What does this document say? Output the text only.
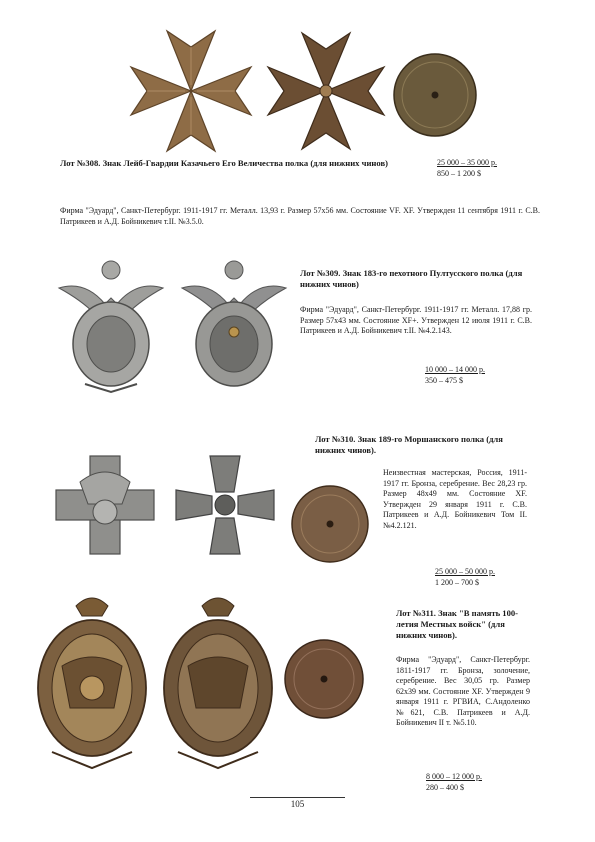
Лот №308. Знак Лейб-Гвардии Казачьего Его Величества полка (для нижних чинов)	25 000 – 35 000 р.
850 – 1 200 $
Фирма "Эдуард", Санкт-Петербург. 1911-1917 гг. Металл. 13,93 г. Размер 57х56 мм. Состояние VF. XF. Утвержден 11 сентября 1911 г. С.В. Патрикеев и А.Д. Бойникевич т.II. №3.5.0.
Лот №309. Знак 183-го пехотного Пултусского полка (для нижних чинов)
Фирма "Эдуард", Санкт-Петербург. 1911-1917 гг. Металл. 17,88 гр. Размер 57x43 мм. Состояние XF+. Утвержден 12 июля 1911 г. С.В. Патрикеев и А.Д. Бойникевич т.II. №4.2.143.
10 000 – 14 000 р.
350 – 475 $
Лот №310. Знак 189-го Моршанского полка (для нижних чинов).
Неизвестная мастерская, Россия, 1911-1917 гг. Бронза, серебрение. Вес 28,23 гр. Размер 48x49 мм. Состояние XF. Утвержден 29 января 1911 г. С.В. Патрикеев и А.Д. Бойникевич Том II. №4.2.121.
25 000 – 50 000 р.
1 200 – 700 $
Лот №311. Знак "В память 100-летия Местных войск" (для нижних чинов).
Фирма "Эдуард", Санкт-Петербург. 1811-1917 гг. Бронза, золочение, серебрение. Вес 30,05 гр. Размер 62x39 мм. Состояние XF. Утвержден 9 января 1911 г. РГВИА, С.Андоленко №621, С.В. Патрикеев и А.Д. Бойникевич II т. №5.10.
8 000 – 12 000 р.
280 – 400 $
105
